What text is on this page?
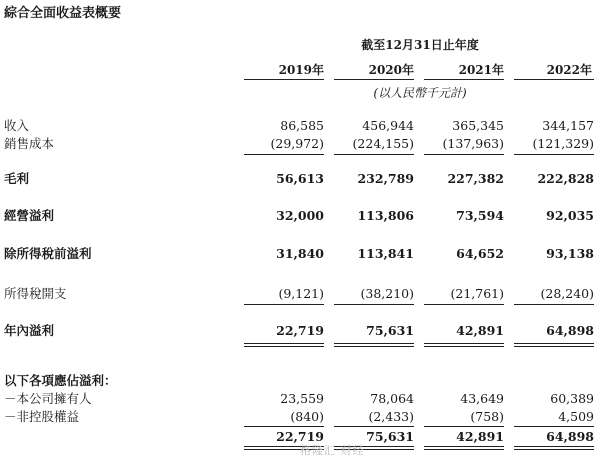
綜合全面收益表概要
截至12月31日止年度
2019年	2020年	2021年	2022年
(以人民幣千元計)
收入	86,585	456,944	365,345	344,157
銷售成本	(29,972)	(224,155)	(137,963)	(121,329)
毛利	56,613	232,789	227,382	222,828
經營溢利	32,000	113,806	73,594	92,035
除所得稅前溢利	31,840	113,841	64,652	93,138
所得稅開支	(9,121)	(38,210)	(21,761)	(28,240)
年內溢利	22,719	75,631	42,891	64,898
以下各項應佔溢利：
－本公司擁有人	23,559	78,064	43,649	60,389
－非控股權益	(840)	(2,433)	(758)	4,509
22,719	75,631	42,891	64,898
格隆汇·财经
